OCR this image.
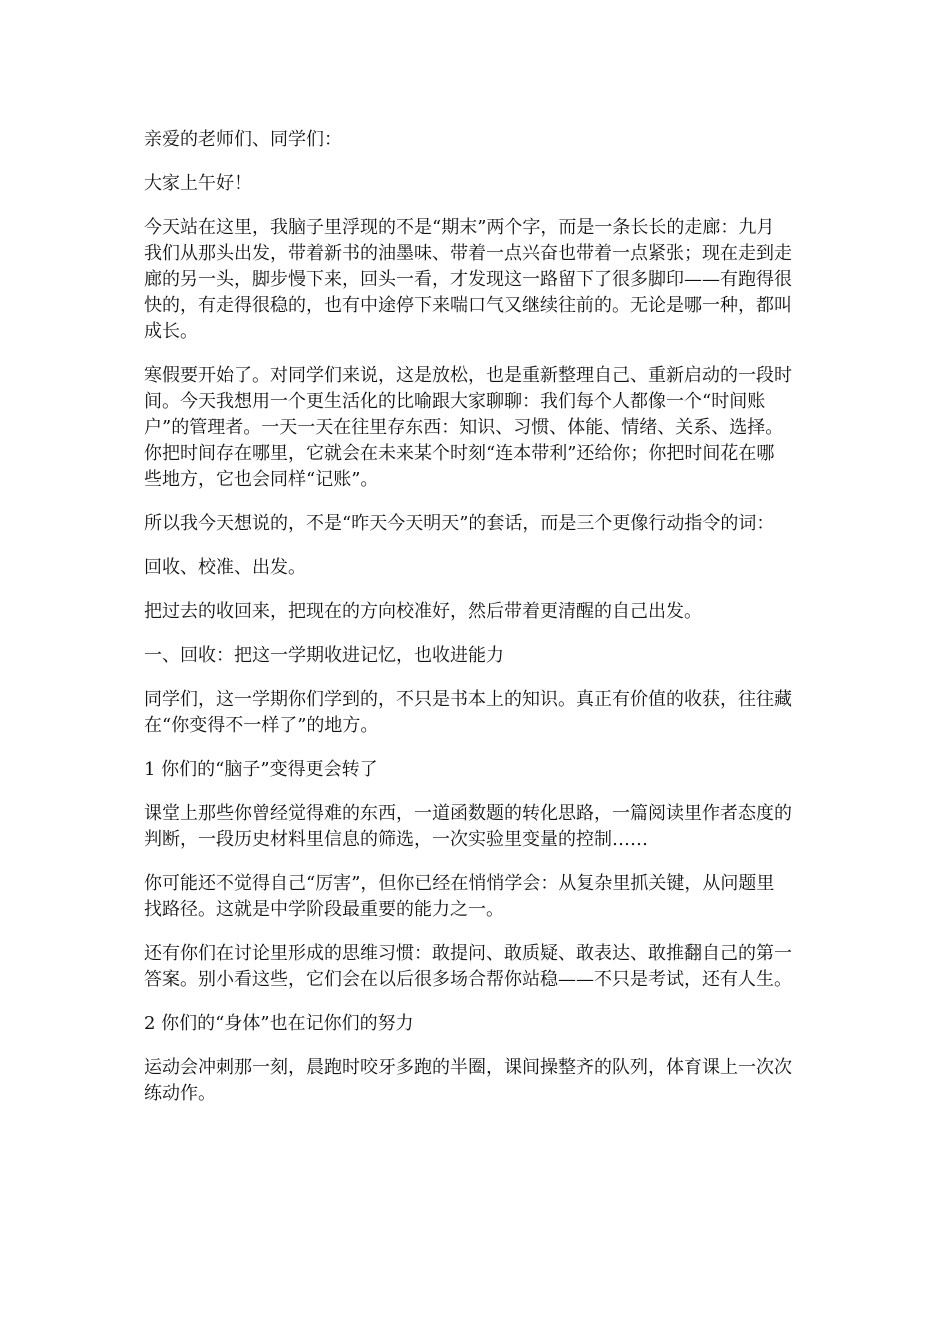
亲爱的老师们、同学们：

大家上午好！

今天站在这里，我脑子里浮现的不是“期末”两个字，而是一条长长的走廊：九月我们从那头出发，带着新书的油墨味、带着一点兴奋也带着一点紧张；现在走到走廊的另一头，脚步慢下来，回头一看，才发现这一路留下了很多脚印——有跑得很快的，有走得很稳的，也有中途停下来喘口气又继续往前的。无论是哪一种，都叫成长。

寒假要开始了。对同学们来说，这是放松，也是重新整理自己、重新启动的一段时间。今天我想用一个更生活化的比喻跟大家聊聊：我们每个人都像一个“时间账户”的管理者。一天一天在往里存东西：知识、习惯、体能、情绪、关系、选择。你把时间存在哪里，它就会在未来某个时刻“连本带利”还给你；你把时间花在哪些地方，它也会同样“记账”。

所以我今天想说的，不是“昨天今天明天”的套话，而是三个更像行动指令的词：

回收、校准、出发。

把过去的收回来，把现在的方向校准好，然后带着更清醒的自己出发。

一、回收：把这一学期收进记忆，也收进能力

同学们，这一学期你们学到的，不只是书本上的知识。真正有价值的收获，往往藏在“你变得不一样了”的地方。

1 你们的“脑子”变得更会转了

课堂上那些你曾经觉得难的东西，一道函数题的转化思路，一篇阅读里作者态度的判断，一段历史材料里信息的筛选，一次实验里变量的控制……

你可能还不觉得自己“厉害”，但你已经在悄悄学会：从复杂里抓关键，从问题里找路径。这就是中学阶段最重要的能力之一。

还有你们在讨论里形成的思维习惯：敢提问、敢质疑、敢表达、敢推翻自己的第一答案。别小看这些，它们会在以后很多场合帮你站稳——不只是考试，还有人生。

2 你们的“身体”也在记你们的努力

运动会冲刺那一刻，晨跑时咬牙多跑的半圈，课间操整齐的队列，体育课上一次次练动作。
